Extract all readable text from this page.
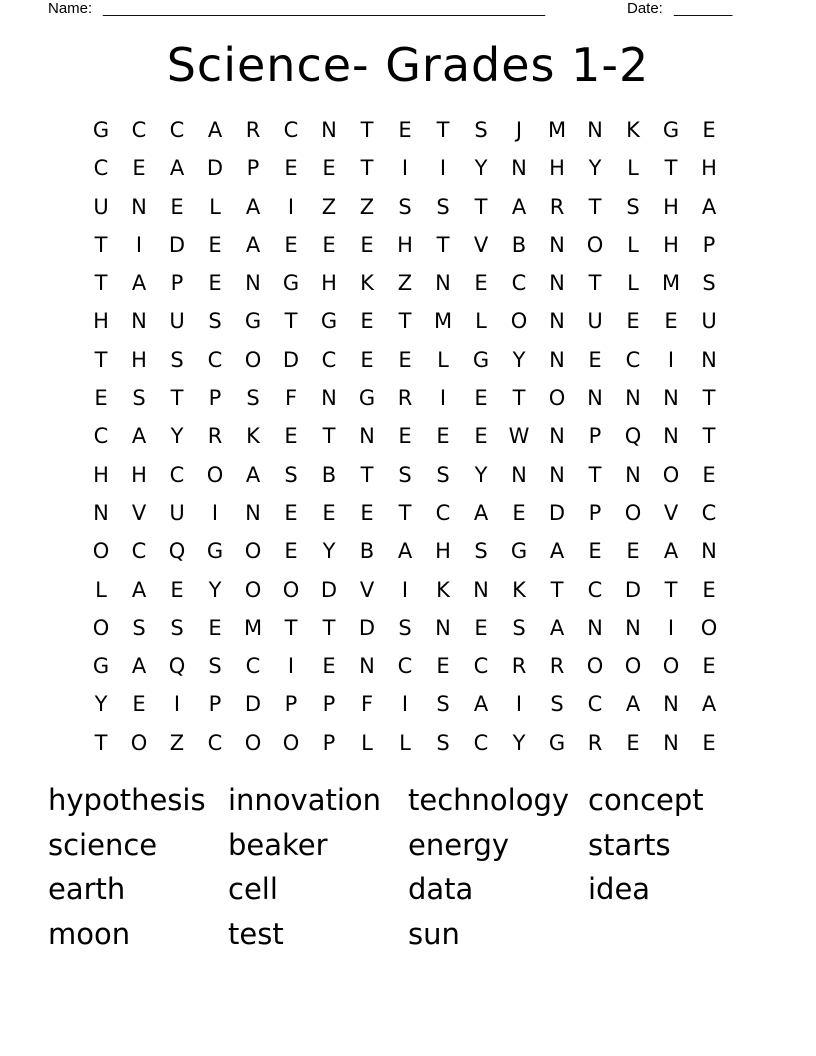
Name: _____________________________________________________	Date: _______
Science- Grades 1-2
G	C	C	A	R	C	N	T	E	T	S	J	M	N	K	G	E
C	E	A	D	P	E	E	T	I	I	Y	N	H	Y	L	T	H
U	N	E	L	A	I	Z	Z	S	S	T	A	R	T	S	H	A
T	I	D	E	A	E	E	E	H	T	V	B	N	O	L	H	P
T	A	P	E	N	G	H	K	Z	N	E	C	N	T	L	M	S
H	N	U	S	G	T	G	E	T	M	L	O	N	U	E	E	U
T	H	S	C	O	D	C	E	E	L	G	Y	N	E	C	I	N
E	S	T	P	S	F	N	G	R	I	E	T	O	N	N	N	T
C	A	Y	R	K	E	T	N	E	E	E W N	P	Q	N	T
H	H	C	O	A	S	B	T	S	S	Y	N	N	T	N	O	E
N	V	U	I	N	E	E	E	T	C	A	E	D	P	O	V	C
O	C	Q	G	O	E	Y	B	A	H	S	G	A	E	E	A	N
L	A	E	Y	O	O	D	V	I	K	N	K	T	C	D	T	E
O	S	S	E	M	T	T	D	S	N	E	S	A	N	N	I	O
G	A	Q	S	C	I	E	N	C	E	C	R	R	O	O	O	E
Y	E	I	P	D	P	P	F	I	S	A	I	S	C	A	N	A
T	O	Z	C	O	O	P	L	L	S	C	Y	G	R	E	N	E
hypothesis innovation technology concept
science	beaker	energy	starts
earth	cell	data	idea
moon	test	sun
